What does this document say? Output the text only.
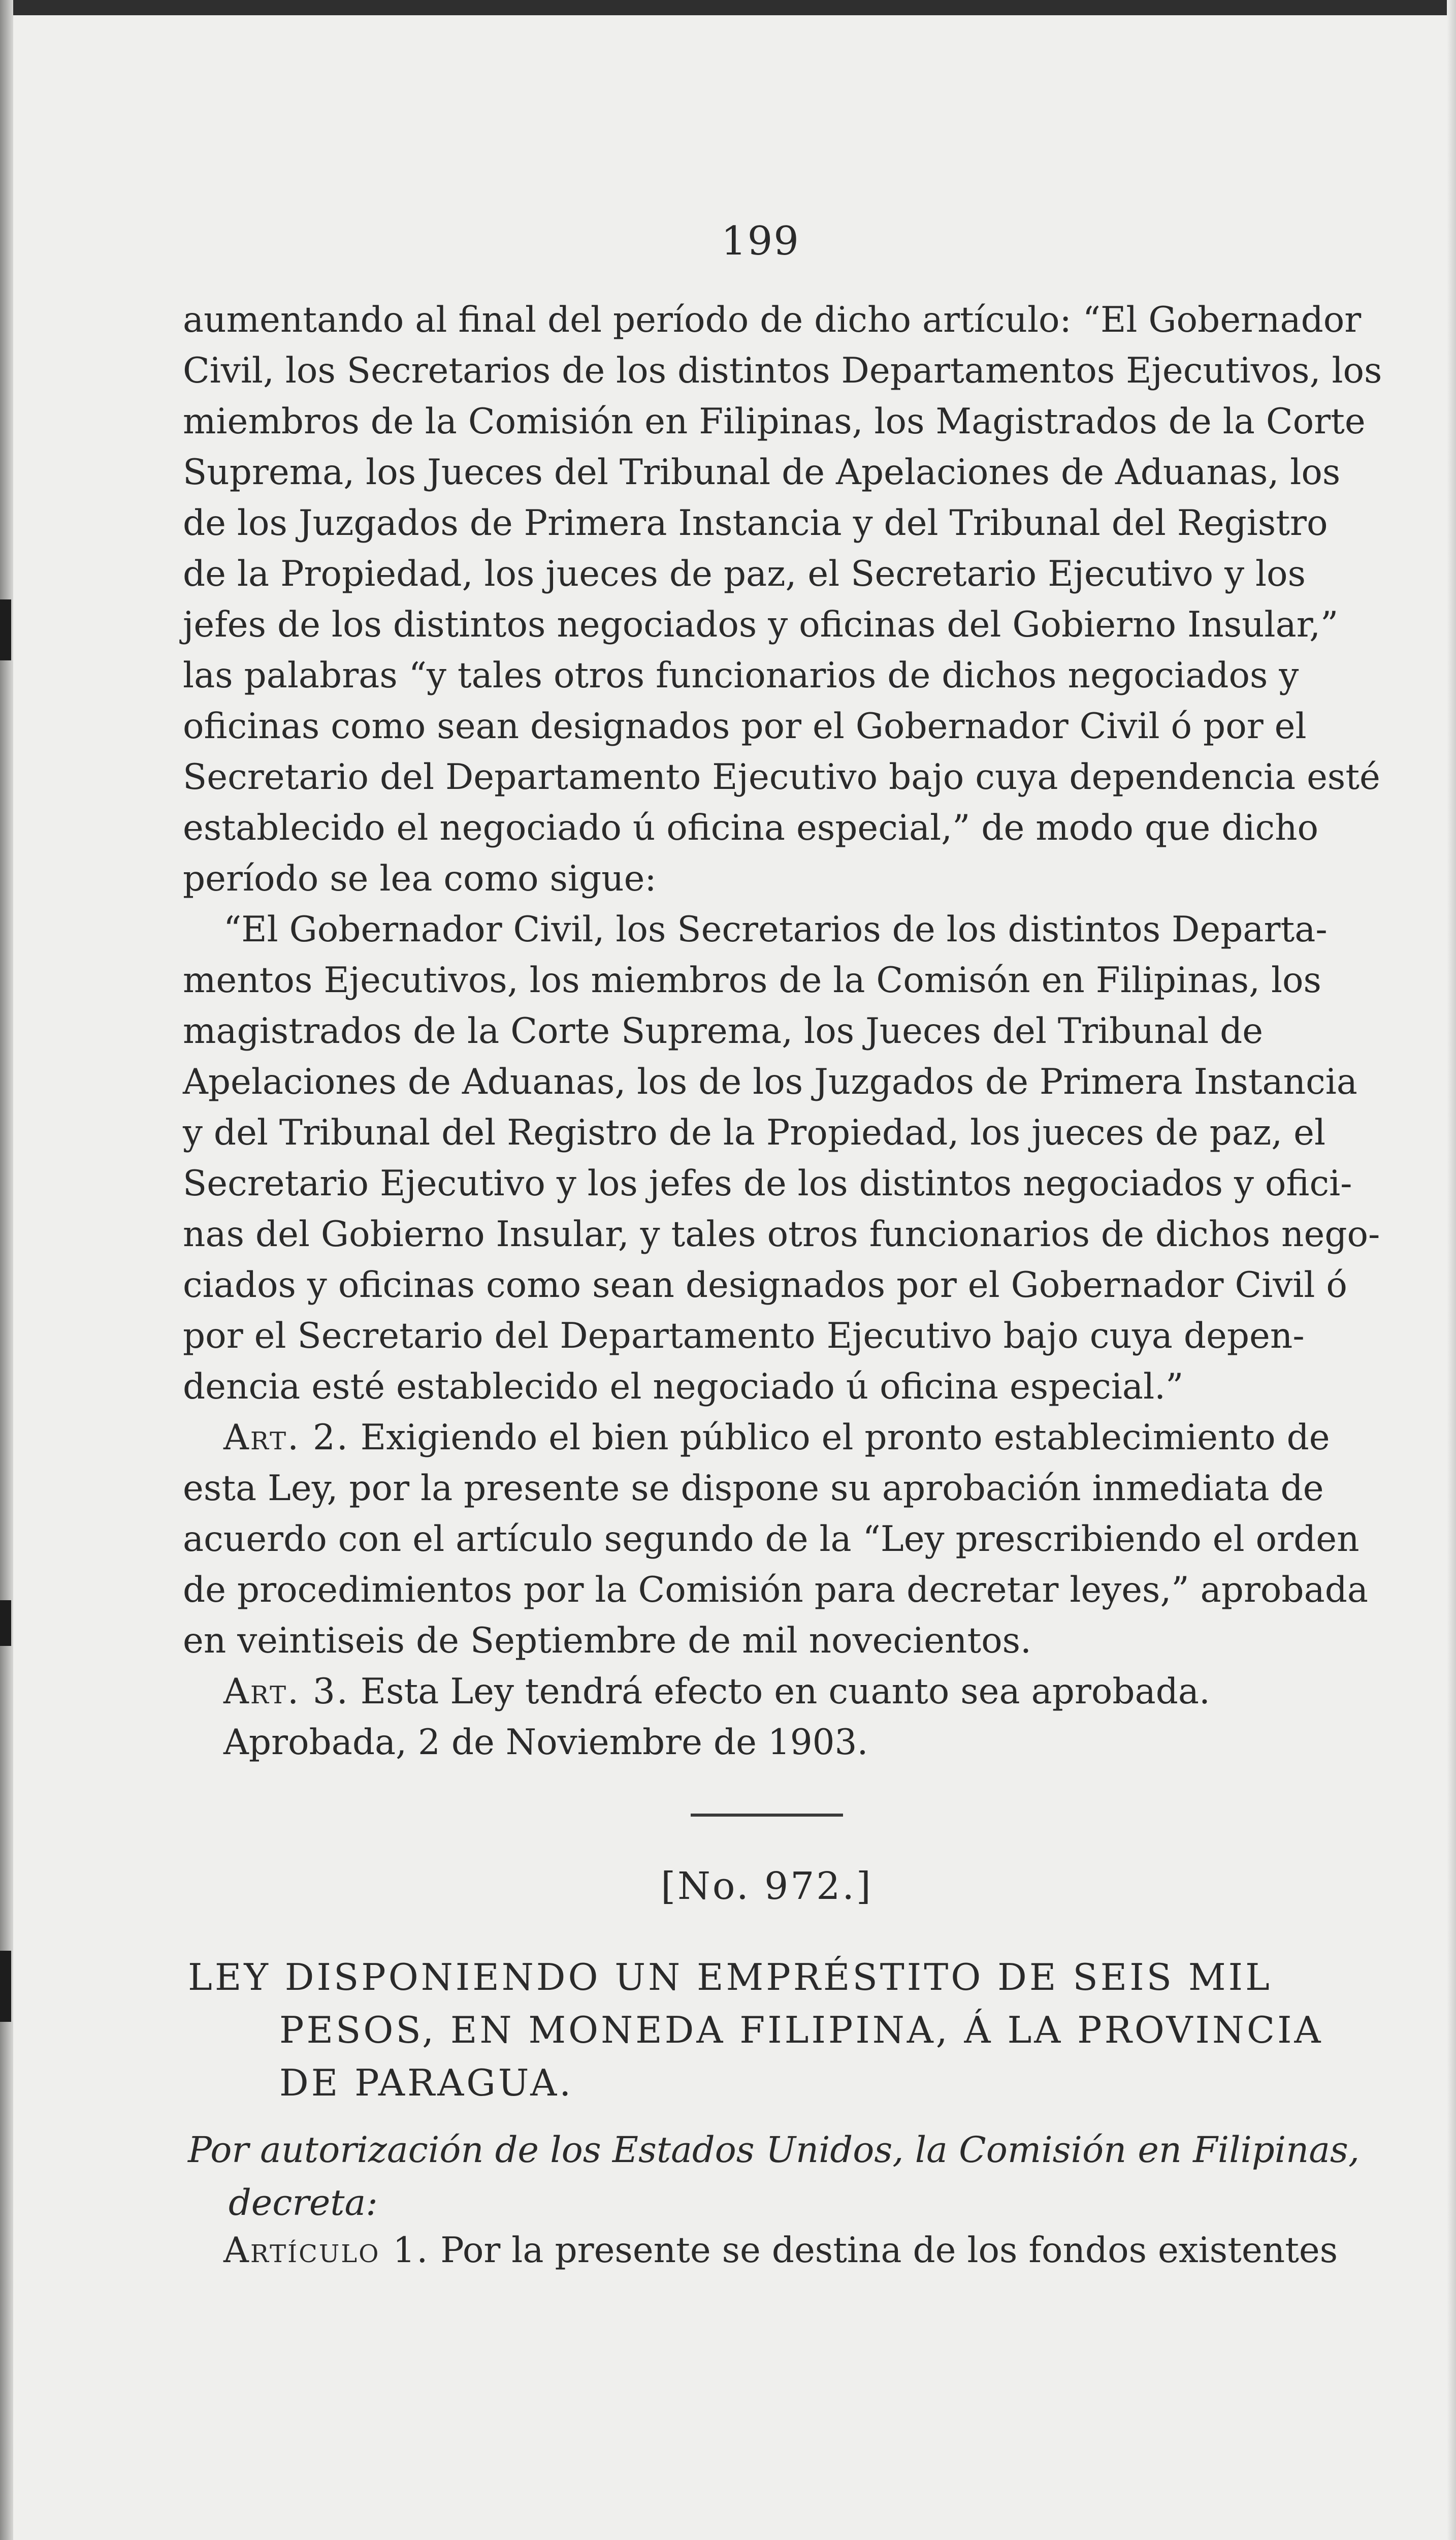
199

aumentando al final del período de dicho artículo: “El Gobernador
Civil, los Secretarios de los distintos Departamentos Ejecutivos, los
miembros de la Comisión en Filipinas, los Magistrados de la Corte
Suprema, los Jueces del Tribunal de Apelaciones de Aduanas, los
de los Juzgados de Primera Instancia y del Tribunal del Registro
de la Propiedad, los jueces de paz, el Secretario Ejecutivo y los
jefes de los distintos negociados y oficinas del Gobierno Insular,”
las palabras “y tales otros funcionarios de dichos negociados y
oficinas como sean designados por el Gobernador Civil ó por el
Secretario del Departamento Ejecutivo bajo cuya dependencia esté
establecido el negociado ú oficina especial,” de modo que dicho
período se lea como sigue:

“El Gobernador Civil, los Secretarios de los distintos Departa-
mentos Ejecutivos, los miembros de la Comisón en Filipinas, los
magistrados de la Corte Suprema, los Jueces del Tribunal de
Apelaciones de Aduanas, los de los Juzgados de Primera Instancia
y del Tribunal del Registro de la Propiedad, los jueces de paz, el
Secretario Ejecutivo y los jefes de los distintos negociados y ofici-
nas del Gobierno Insular, y tales otros funcionarios de dichos nego-
ciados y oficinas como sean designados por el Gobernador Civil ó
por el Secretario del Departamento Ejecutivo bajo cuya depen-
dencia esté establecido el negociado ú oficina especial.”

Art. 2. Exigiendo el bien público el pronto establecimiento de
esta Ley, por la presente se dispone su aprobación inmediata de
acuerdo con el artículo segundo de la “Ley prescribiendo el orden
de procedimientos por la Comisión para decretar leyes,” aprobada
en veintiseis de Septiembre de mil novecientos.
Art. 3. Esta Ley tendrá efecto en cuanto sea aprobada.
Aprobada, 2 de Noviembre de 1903.

[No. 972.]

LEY DISPONIENDO UN EMPRÉSTITO DE SEIS MIL
PESOS, EN MONEDA FILIPINA, Á LA PROVINCIA
DE PARAGUA.

Por autorización de los Estados Unidos, la Comisión en Filipinas,
decreta:

Artículo 1. Por la presente se destina de los fondos existentes
